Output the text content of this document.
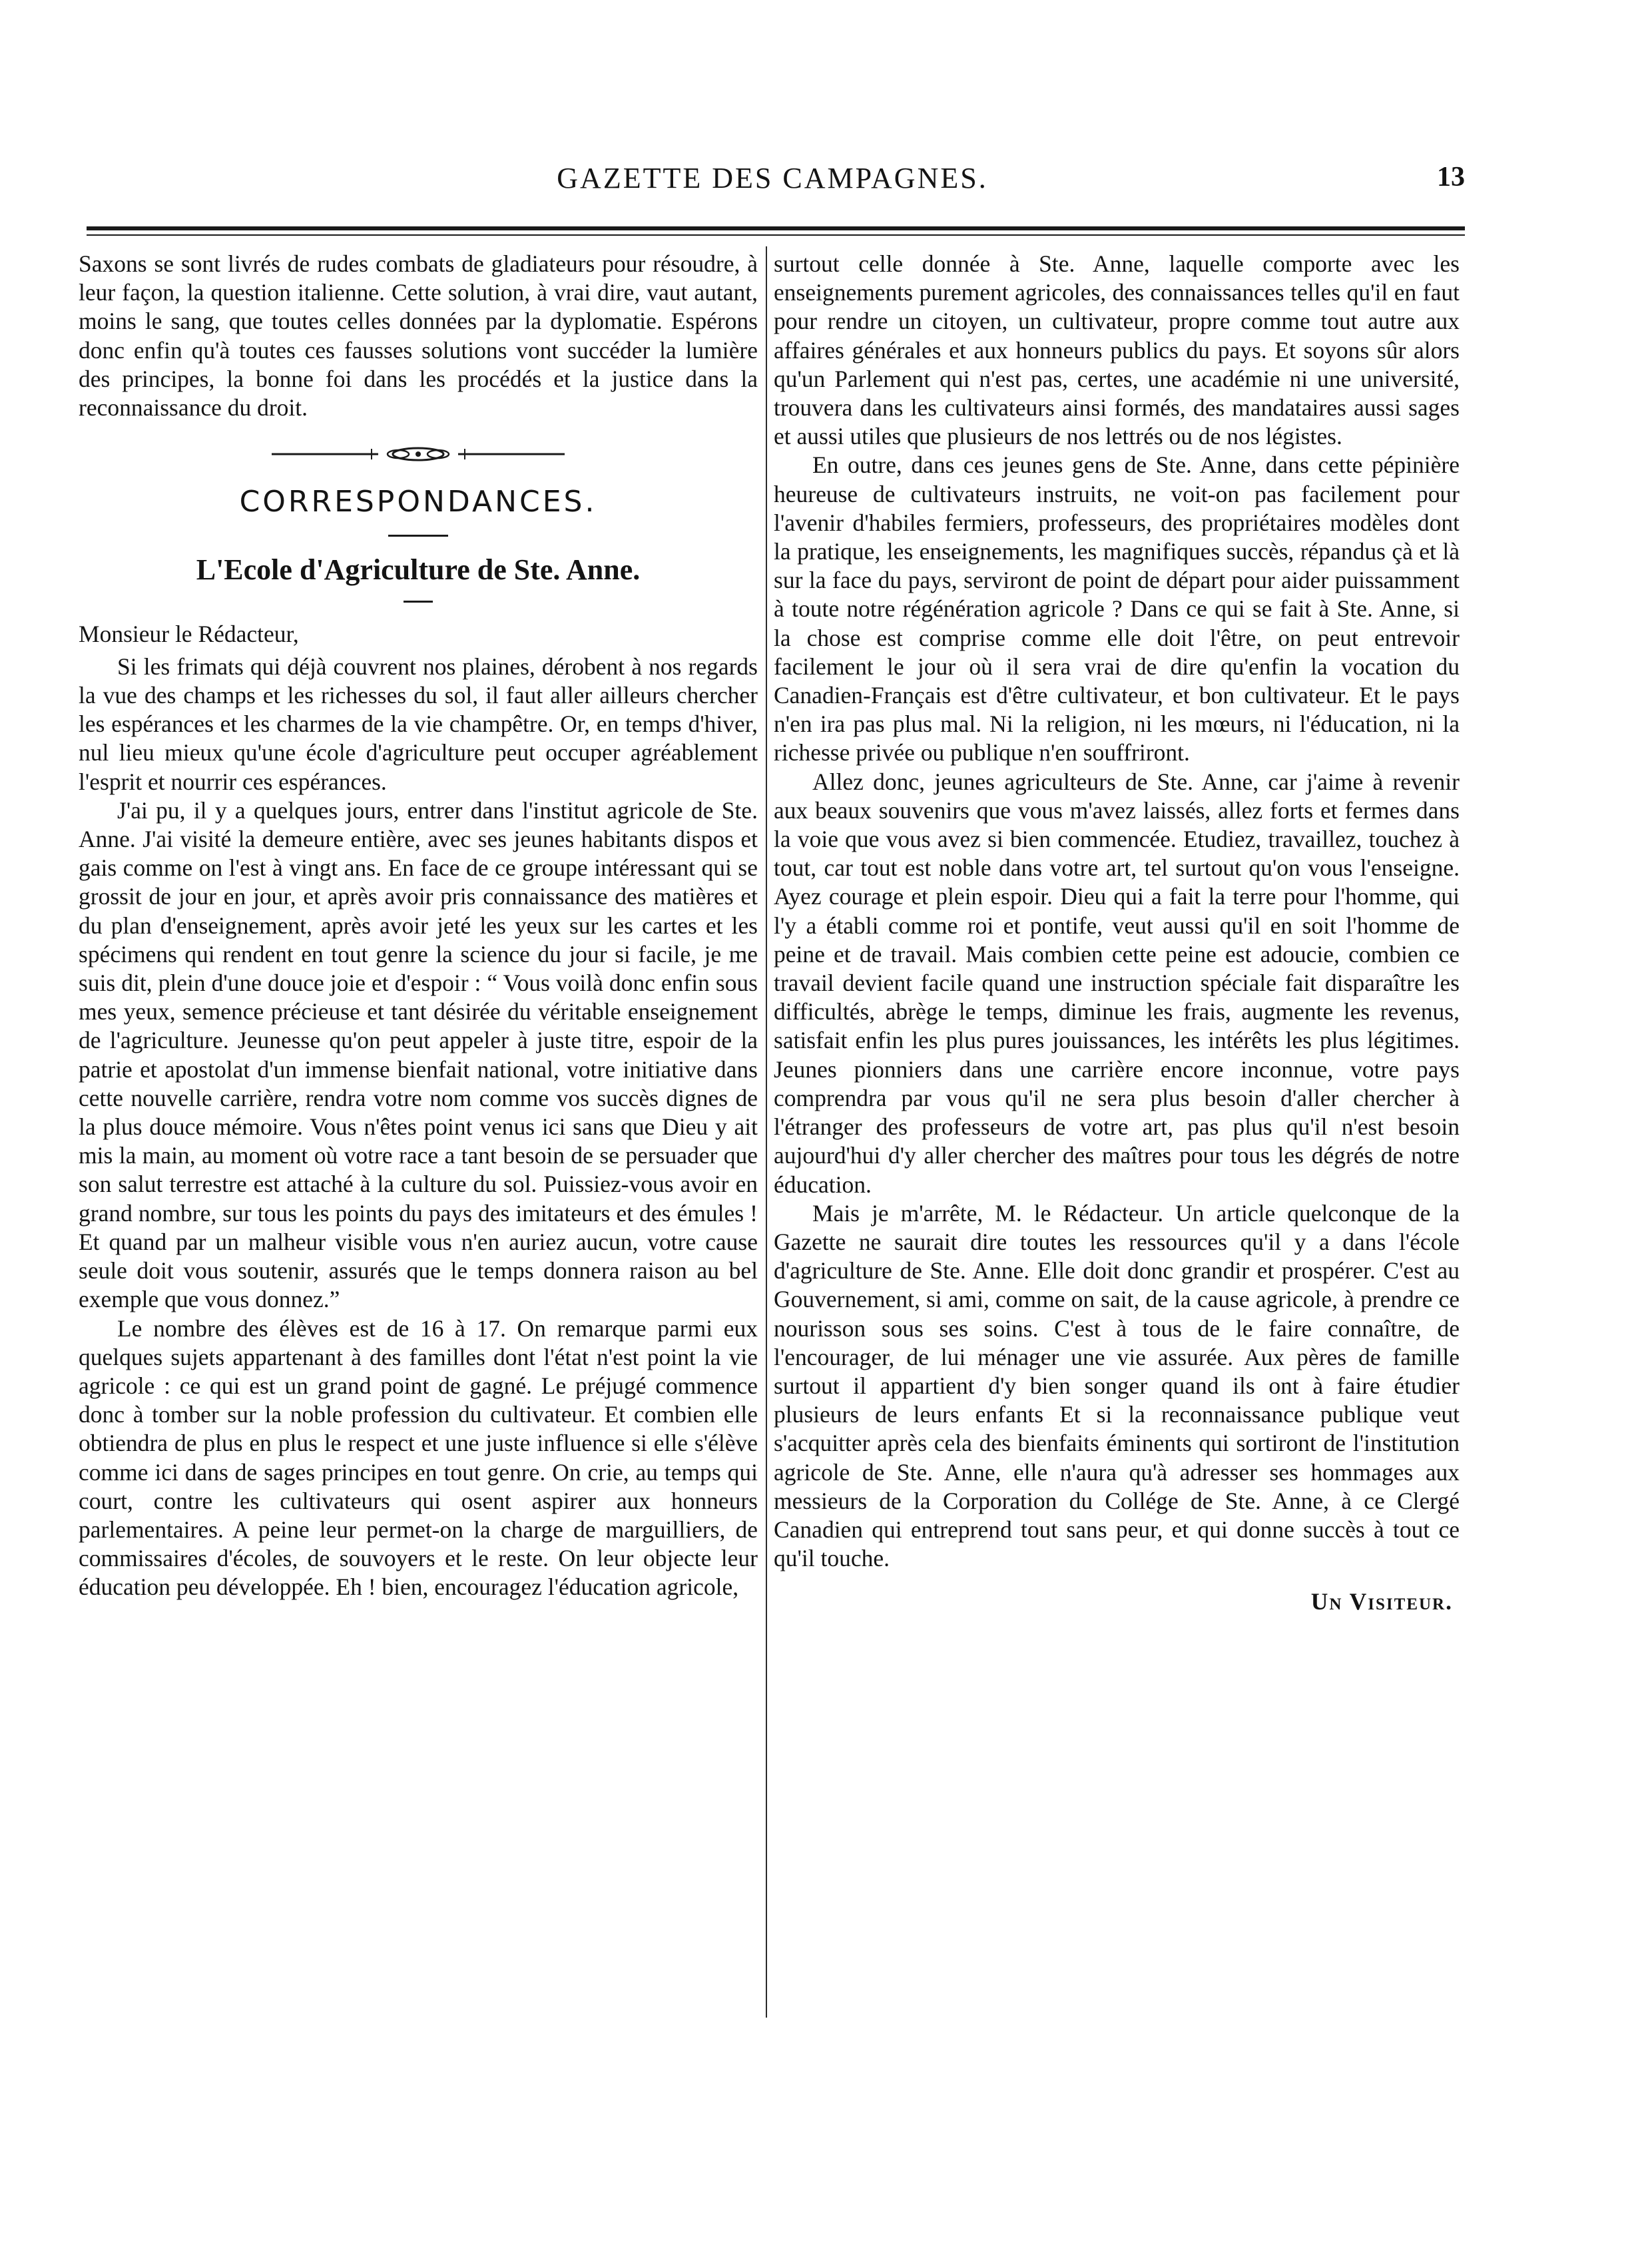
GAZETTE DES CAMPAGNES.	13

Saxons se sont livrés de rudes combats de gladiateurs pour résoudre, à leur façon, la question italienne. Cette solution, à vrai dire, vaut autant, moins le sang, que toutes celles données par la dyplomatie. Espérons donc enfin qu'à toutes ces fausses solutions vont succéder la lumière des principes, la bonne foi dans les procédés et la justice dans la reconnaissance du droit.

CORRESPONDANCES.
L'Ecole d'Agriculture de Ste. Anne.

Monsieur le Rédacteur,

Si les frimats qui déjà couvrent nos plaines, dérobent à nos regards la vue des champs et les richesses du sol, il faut aller ailleurs chercher les espérances et les charmes de la vie champêtre. Or, en temps d'hiver, nul lieu mieux qu'une école d'agriculture peut occuper agréablement l'esprit et nourrir ces espérances.

J'ai pu, il y a quelques jours, entrer dans l'institut agricole de Ste. Anne. J'ai visité la demeure entière, avec ses jeunes habitants dispos et gais comme on l'est à vingt ans. En face de ce groupe intéressant qui se grossit de jour en jour, et après avoir pris connaissance des matières et du plan d'enseignement, après avoir jeté les yeux sur les cartes et les spécimens qui rendent en tout genre la science du jour si facile, je me suis dit, plein d'une douce joie et d'espoir : “ Vous voilà donc enfin sous mes yeux, semence précieuse et tant désirée du véritable enseignement de l'agriculture. Jeunesse qu'on peut appeler à juste titre, espoir de la patrie et apostolat d'un immense bienfait national, votre initiative dans cette nouvelle carrière, rendra votre nom comme vos succès dignes de la plus douce mémoire. Vous n'êtes point venus ici sans que Dieu y ait mis la main, au moment où votre race a tant besoin de se persuader que son salut terrestre est attaché à la culture du sol. Puissiez-vous avoir en grand nombre, sur tous les points du pays des imitateurs et des émules ! Et quand par un malheur visible vous n'en auriez aucun, votre cause seule doit vous soutenir, assurés que le temps donnera raison au bel exemple que vous donnez.”

Le nombre des élèves est de 16 à 17. On remarque parmi eux quelques sujets appartenant à des familles dont l'état n'est point la vie agricole : ce qui est un grand point de gagné. Le préjugé commence donc à tomber sur la noble profession du cultivateur. Et combien elle obtiendra de plus en plus le respect et une juste influence si elle s'élève comme ici dans de sages principes en tout genre. On crie, au temps qui court, contre les cultivateurs qui osent aspirer aux honneurs parlementaires. A peine leur permet-on la charge de marguilliers, de commissaires d'écoles, de souvoyers et le reste. On leur objecte leur éducation peu développée. Eh ! bien, encouragez l'éducation agricole,

surtout celle donnée à Ste. Anne, laquelle comporte avec les enseignements purement agricoles, des connaissances telles qu'il en faut pour rendre un citoyen, un cultivateur, propre comme tout autre aux affaires générales et aux honneurs publics du pays. Et soyons sûr alors qu'un Parlement qui n'est pas, certes, une académie ni une université, trouvera dans les cultivateurs ainsi formés, des mandataires aussi sages et aussi utiles que plusieurs de nos lettrés ou de nos légistes.

En outre, dans ces jeunes gens de Ste. Anne, dans cette pépinière heureuse de cultivateurs instruits, ne voit-on pas facilement pour l'avenir d'habiles fermiers, professeurs, des propriétaires modèles dont la pratique, les enseignements, les magnifiques succès, répandus çà et là sur la face du pays, serviront de point de départ pour aider puissamment à toute notre régénération agricole ? Dans ce qui se fait à Ste. Anne, si la chose est comprise comme elle doit l'être, on peut entrevoir facilement le jour où il sera vrai de dire qu'enfin la vocation du Canadien-Français est d'être cultivateur, et bon cultivateur. Et le pays n'en ira pas plus mal. Ni la religion, ni les mœurs, ni l'éducation, ni la richesse privée ou publique n'en souffriront.

Allez donc, jeunes agriculteurs de Ste. Anne, car j'aime à revenir aux beaux souvenirs que vous m'avez laissés, allez forts et fermes dans la voie que vous avez si bien commencée. Etudiez, travaillez, touchez à tout, car tout est noble dans votre art, tel surtout qu'on vous l'enseigne. Ayez courage et plein espoir. Dieu qui a fait la terre pour l'homme, qui l'y a établi comme roi et pontife, veut aussi qu'il en soit l'homme de peine et de travail. Mais combien cette peine est adoucie, combien ce travail devient facile quand une instruction spéciale fait disparaître les difficultés, abrège le temps, diminue les frais, augmente les revenus, satisfait enfin les plus pures jouissances, les intérêts les plus légitimes. Jeunes pionniers dans une carrière encore inconnue, votre pays comprendra par vous qu'il ne sera plus besoin d'aller chercher à l'étranger des professeurs de votre art, pas plus qu'il n'est besoin aujourd'hui d'y aller chercher des maîtres pour tous les dégrés de notre éducation.

Mais je m'arrête, M. le Rédacteur. Un article quelconque de la Gazette ne saurait dire toutes les ressources qu'il y a dans l'école d'agriculture de Ste. Anne. Elle doit donc grandir et prospérer. C'est au Gouvernement, si ami, comme on sait, de la cause agricole, à prendre ce nourisson sous ses soins. C'est à tous de le faire connaître, de l'encourager, de lui ménager une vie assurée. Aux pères de famille surtout il appartient d'y bien songer quand ils ont à faire étudier plusieurs de leurs enfants Et si la reconnaissance publique veut s'acquitter après cela des bienfaits éminents qui sortiront de l'institution agricole de Ste. Anne, elle n'aura qu'à adresser ses hommages aux messieurs de la Corporation du Collége de Ste. Anne, à ce Clergé Canadien qui entreprend tout sans peur, et qui donne succès à tout ce qu'il touche.

Un Visiteur.
